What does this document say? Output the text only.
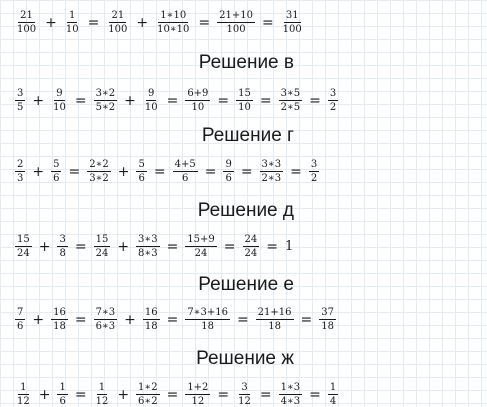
$\frac{21}{100} + \frac{1}{10} = \frac{21}{100} + \frac{1∗10}{10∗10} = \frac{21+10}{100} = \frac{31}{100}$
Решение в
$\frac{3}{5} + \frac{9}{10} = \frac{3∗2}{5∗2} + \frac{9}{10} = \frac{6+9}{10} = \frac{15}{10} = \frac{3∗5}{2∗5} = \frac{3}{2}$
Решение г
$\frac{2}{3} + \frac{5}{6} = \frac{2∗2}{3∗2} + \frac{5}{6} = \frac{4+5}{6} = \frac{9}{6} = \frac{3∗3}{2∗3} = \frac{3}{2}$
Решение д
$\frac{15}{24} + \frac{3}{8} = \frac{15}{24} + \frac{3∗3}{8∗3} = \frac{15+9}{24} = \frac{24}{24} = 1$
Решение е
$\frac{7}{6} + \frac{16}{18} = \frac{7∗3}{6∗3} + \frac{16}{18} = \frac{7∗3+16}{18} = \frac{21+16}{18} = \frac{37}{18}$
Решение ж
$\frac{1}{12} + \frac{1}{6} = \frac{1}{12} + \frac{1∗2}{6∗2} = \frac{1+2}{12} = \frac{3}{12} = \frac{1∗3}{4∗3} = \frac{1}{4}$
